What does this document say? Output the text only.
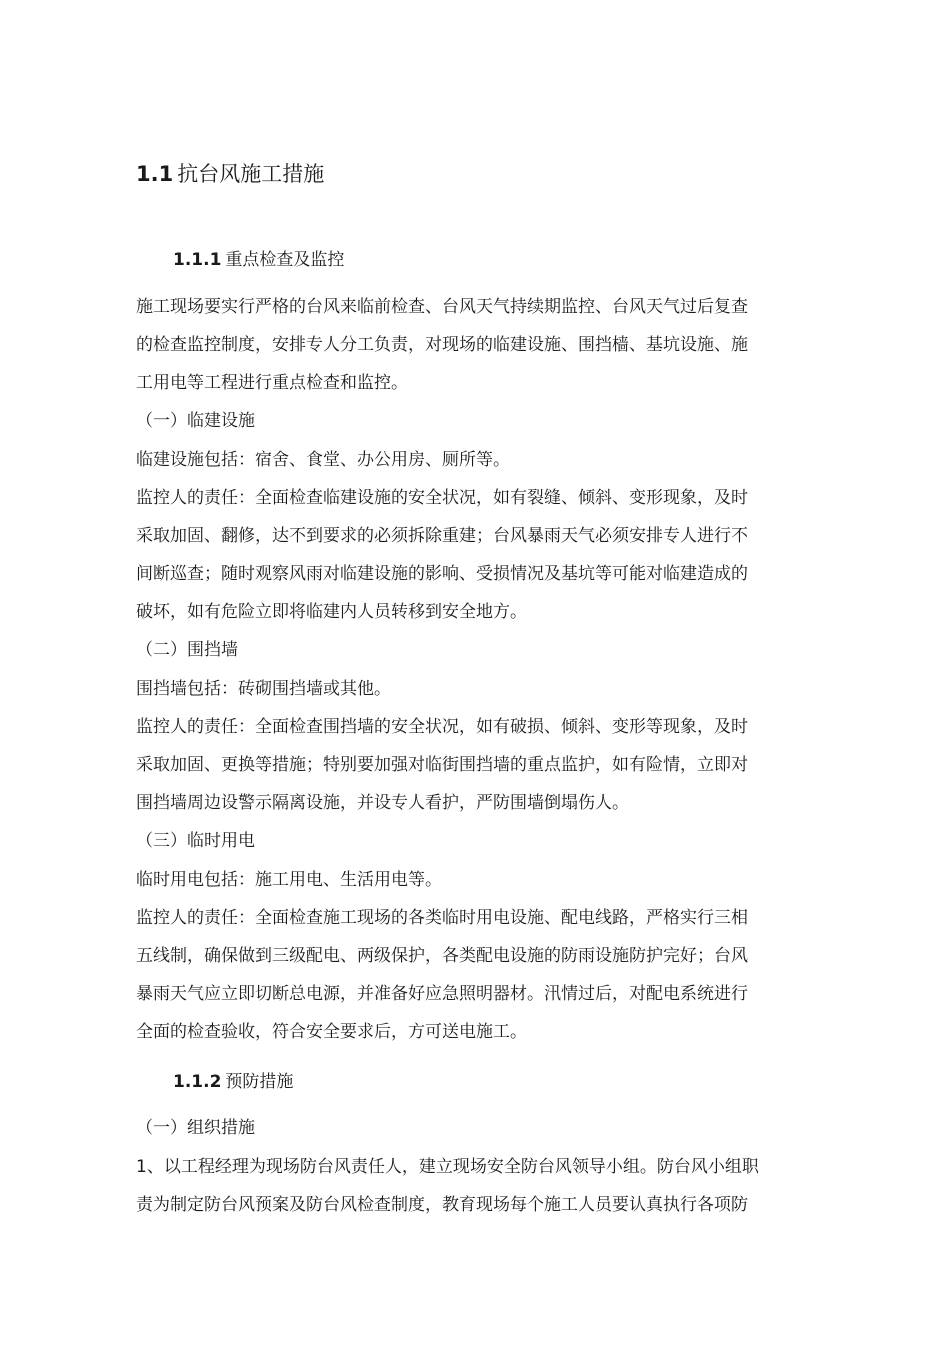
1.1 抗台风施工措施
1.1.1 重点检查及监控
施工现场要实行严格的台风来临前检查、台风天气持续期监控、台风天气过后复查
的检查监控制度，安排专人分工负责，对现场的临建设施、围挡樯、基坑设施、施
工用电等工程进行重点检查和监控。
（一）临建设施
临建设施包括：宿舍、食堂、办公用房、厕所等。
监控人的责任：全面检查临建设施的安全状况，如有裂缝、倾斜、变形现象，及时
采取加固、翻修，达不到要求的必须拆除重建；台风暴雨天气必须安排专人进行不
间断巡查；随时观察风雨对临建设施的影响、受损情况及基坑等可能对临建造成的
破坏，如有危险立即将临建内人员转移到安全地方。
（二）围挡墙
围挡墙包括：砖砌围挡墙或其他。
监控人的责任：全面检查围挡墙的安全状况，如有破损、倾斜、变形等现象，及时
采取加固、更换等措施；特别要加强对临街围挡墙的重点监护，如有险情，立即对
围挡墙周边设警示隔离设施，并设专人看护，严防围墙倒塌伤人。
（三）临时用电
临时用电包括：施工用电、生活用电等。
监控人的责任：全面检查施工现场的各类临时用电设施、配电线路，严格实行三相
五线制，确保做到三级配电、两级保护，各类配电设施的防雨设施防护完好；台风
暴雨天气应立即切断总电源，并准备好应急照明器材。汛情过后，对配电系统进行
全面的检查验收，符合安全要求后，方可送电施工。
1.1.2 预防措施
（一）组织措施
1、以工程经理为现场防台风责任人，建立现场安全防台风领导小组。防台风小组职
责为制定防台风预案及防台风检查制度，教育现场每个施工人员要认真执行各项防
